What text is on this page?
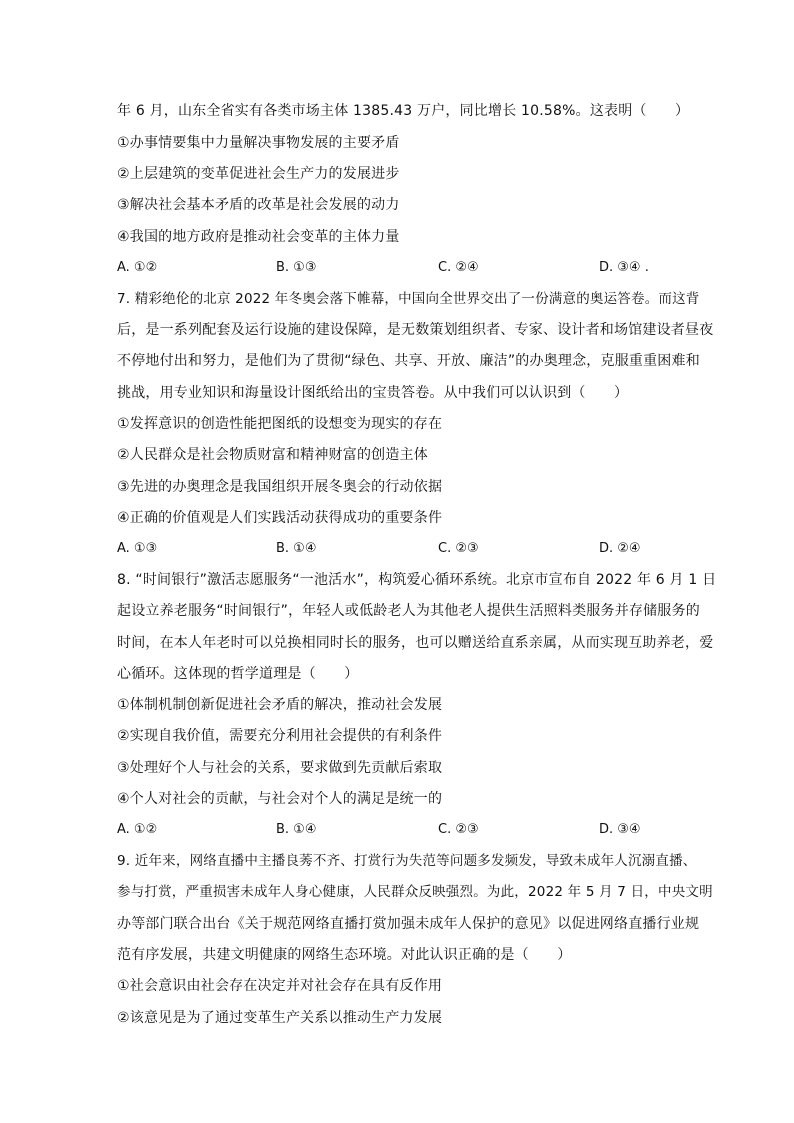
年 6 月，山东全省实有各类市场主体 1385.43 万户，同比增长 10.58%。这表明（　　）
①办事情要集中力量解决事物发展的主要矛盾
②上层建筑的变革促进社会生产力的发展进步
③解决社会基本矛盾的改革是社会发展的动力
④我国的地方政府是推动社会变革的主体力量
A. ①②	B. ①③	C. ②④	D. ③④ .
7. 精彩绝伦的北京 2022 年冬奥会落下帷幕，中国向全世界交出了一份满意的奥运答卷。而这背
后，是一系列配套及运行设施的建设保障，是无数策划组织者、专家、设计者和场馆建设者昼夜
不停地付出和努力，是他们为了贯彻“绿色、共享、开放、廉洁”的办奥理念，克服重重困难和
挑战，用专业知识和海量设计图纸给出的宝贵答卷。从中我们可以认识到（　　）
①发挥意识的创造性能把图纸的设想变为现实的存在
②人民群众是社会物质财富和精神财富的创造主体
③先进的办奥理念是我国组织开展冬奥会的行动依据
④正确的价值观是人们实践活动获得成功的重要条件
A. ①③	B. ①④	C. ②③	D. ②④
8. “时间银行”激活志愿服务“一池活水”，构筑爱心循环系统。北京市宣布自 2022 年 6 月 1 日
起设立养老服务“时间银行”，年轻人或低龄老人为其他老人提供生活照料类服务并存储服务的
时间，在本人年老时可以兑换相同时长的服务，也可以赠送给直系亲属，从而实现互助养老，爱
心循环。这体现的哲学道理是（　　）
①体制机制创新促进社会矛盾的解决，推动社会发展
②实现自我价值，需要充分利用社会提供的有利条件
③处理好个人与社会的关系，要求做到先贡献后索取
④个人对社会的贡献，与社会对个人的满足是统一的
A. ①②	B. ①④	C. ②③	D. ③④
9. 近年来，网络直播中主播良莠不齐、打赏行为失范等问题多发频发，导致未成年人沉溺直播、
参与打赏，严重损害未成年人身心健康，人民群众反映强烈。为此，2022 年 5 月 7 日，中央文明
办等部门联合出台《关于规范网络直播打赏加强未成年人保护的意见》以促进网络直播行业规
范有序发展，共建文明健康的网络生态环境。对此认识正确的是（　　）
①社会意识由社会存在决定并对社会存在具有反作用
②该意见是为了通过变革生产关系以推动生产力发展
